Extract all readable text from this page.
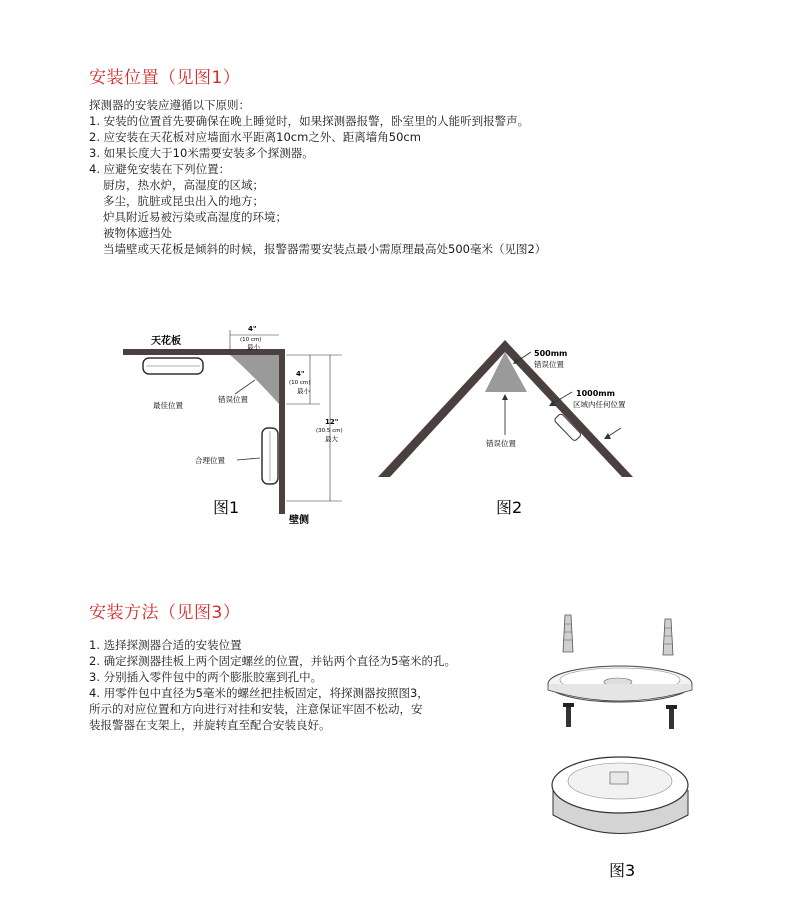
安装位置（见图1）
探测器的安装应遵循以下原则：
1. 安装的位置首先要确保在晚上睡觉时，如果探测器报警，卧室里的人能听到报警声。
2. 应安装在天花板对应墙面水平距离10cm之外、距离墙角50cm
3. 如果长度大于10米需要安装多个探测器。
4. 应避免安装在下列位置：
厨房，热水炉，高湿度的区域；
多尘，肮脏或昆虫出入的地方；
炉具附近易被污染或高湿度的环境；
被物体遮挡处
当墙壁或天花板是倾斜的时候，报警器需要安装点最小需原理最高处500毫米（见图2）
天花板
最佳位置
错误位置
合理位置
4"
(10 cm)
最小
4"
(10 cm)
最小
12"
(30.5 cm)
最大
壁侧
图1
错误位置
500mm
错误位置
1000mm
区域内任何位置
图2
安装方法（见图3）
1. 选择探测器合适的安装位置
2. 确定探测器挂板上两个固定螺丝的位置，并钻两个直径为5毫米的孔。
3. 分别插入零件包中的两个膨胀胶塞到孔中。
4. 用零件包中直径为5毫米的螺丝把挂板固定，将探测器按照图3，
所示的对应位置和方向进行对挂和安装，注意保证牢固不松动，安
装报警器在支架上，并旋转直至配合安装良好。
图3
